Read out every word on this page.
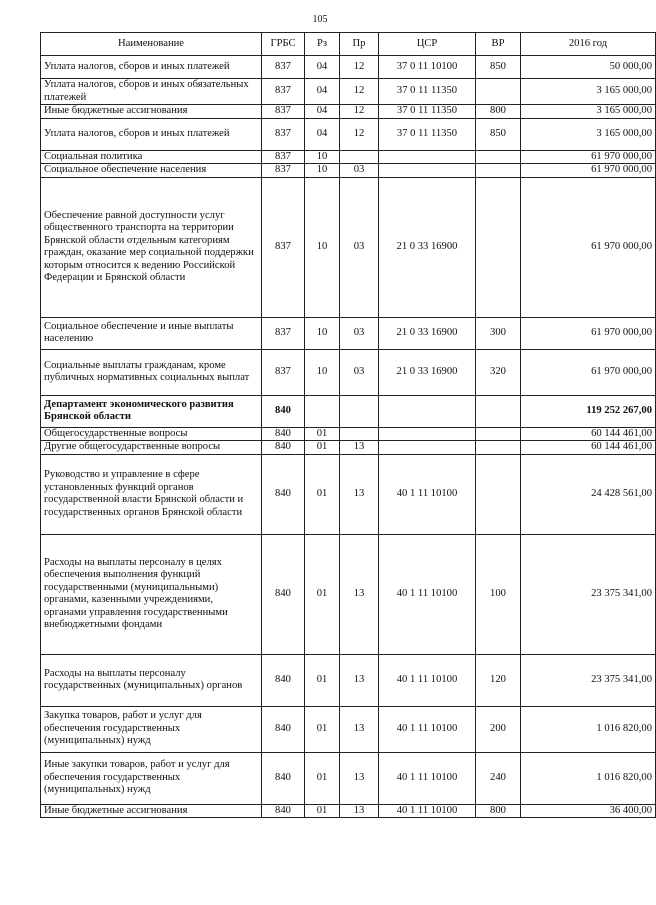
105
Наименование	ГРБС	Рз	Пр	ЦСР	ВР	2016 год
Уплата налогов, сборов и иных платежей	837	04	12	37 0 11 10100	850	50 000,00
Уплата налогов, сборов и иных обязательных платежей	837	04	12	37 0 11 11350		3 165 000,00
Иные бюджетные ассигнования	837	04	12	37 0 11 11350	800	3 165 000,00
Уплата налогов, сборов и иных платежей	837	04	12	37 0 11 11350	850	3 165 000,00
Социальная политика	837	10				61 970 000,00
Социальное обеспечение населения	837	10	03			61 970 000,00
Обеспечение равной доступности услуг общественного транспорта на территории Брянской области отдельным категориям граждан, оказание мер социальной поддержки которым относится к ведению Российской Федерации и Брянской области	837	10	03	21 0 33 16900		61 970 000,00
Социальное обеспечение и иные выплаты населению	837	10	03	21 0 33 16900	300	61 970 000,00
Социальные выплаты гражданам, кроме публичных нормативных социальных выплат	837	10	03	21 0 33 16900	320	61 970 000,00
Департамент экономического развития Брянской области	840					119 252 267,00
Общегосударственные вопросы	840	01				60 144 461,00
Другие общегосударственные вопросы	840	01	13			60 144 461,00
Руководство и управление в сфере установленных функций органов государственной власти Брянской области и государственных органов Брянской области	840	01	13	40 1 11 10100		24 428 561,00
Расходы на выплаты персоналу в целях обеспечения выполнения функций государственными (муниципальными) органами, казенными учреждениями, органами управления государственными внебюджетными фондами	840	01	13	40 1 11 10100	100	23 375 341,00
Расходы на выплаты персоналу государственных (муниципальных) органов	840	01	13	40 1 11 10100	120	23 375 341,00
Закупка товаров, работ и услуг для обеспечения государственных (муниципальных) нужд	840	01	13	40 1 11 10100	200	1 016 820,00
Иные закупки товаров, работ и услуг для обеспечения государственных (муниципальных) нужд	840	01	13	40 1 11 10100	240	1 016 820,00
Иные бюджетные ассигнования	840	01	13	40 1 11 10100	800	36 400,00
